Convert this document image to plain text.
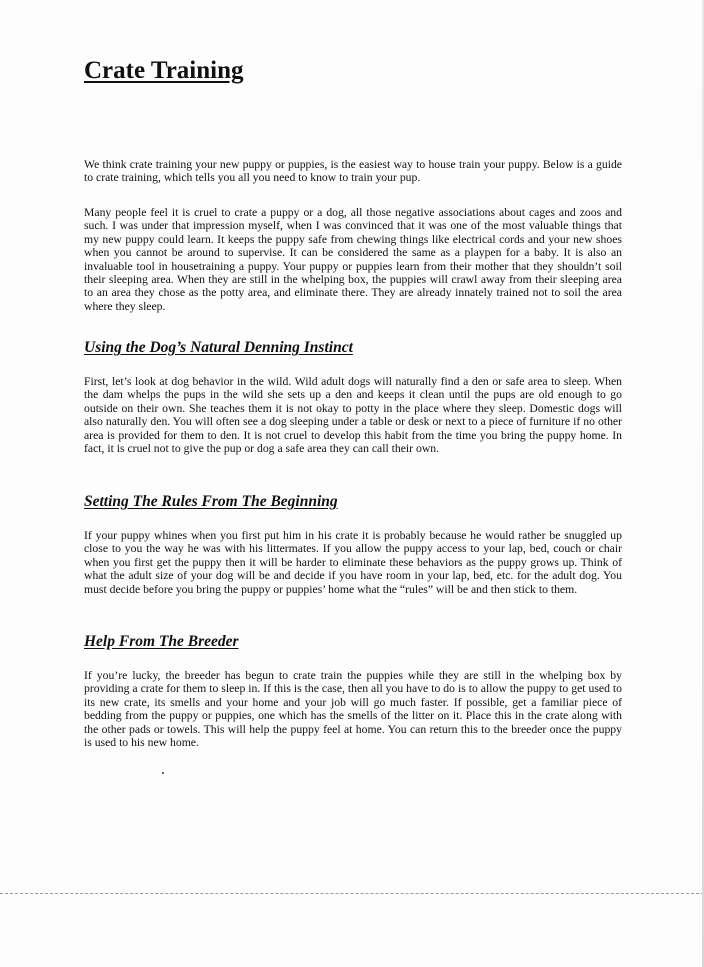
Crate Training

We think crate training your new puppy or puppies, is the easiest way to house train your puppy. Below is a guide to crate training, which tells you all you need to know to train your pup.

Many people feel it is cruel to crate a puppy or a dog, all those negative associations about cages and zoos and such. I was under that impression myself, when I was convinced that it was one of the most valuable things that my new puppy could learn. It keeps the puppy safe from chewing things like electrical cords and your new shoes when you cannot be around to supervise. It can be considered the same as a playpen for a baby. It is also an invaluable tool in housetraining a puppy. Your puppy or puppies learn from their mother that they shouldn’t soil their sleeping area. When they are still in the whelping box, the puppies will crawl away from their sleeping area to an area they chose as the potty area, and eliminate there. They are already innately trained not to soil the area where they sleep.

Using the Dog’s Natural Denning Instinct

First, let’s look at dog behavior in the wild. Wild adult dogs will naturally find a den or safe area to sleep. When the dam whelps the pups in the wild she sets up a den and keeps it clean until the pups are old enough to go outside on their own. She teaches them it is not okay to potty in the place where they sleep. Domestic dogs will also naturally den. You will often see a dog sleeping under a table or desk or next to a piece of furniture if no other area is provided for them to den. It is not cruel to develop this habit from the time you bring the puppy home. In fact, it is cruel not to give the pup or dog a safe area they can call their own.

Setting The Rules From The Beginning

If your puppy whines when you first put him in his crate it is probably because he would rather be snuggled up close to you the way he was with his littermates. If you allow the puppy access to your lap, bed, couch or chair when you first get the puppy then it will be harder to eliminate these behaviors as the puppy grows up. Think of what the adult size of your dog will be and decide if you have room in your lap, bed, etc. for the adult dog. You must decide before you bring the puppy or puppies’ home what the “rules” will be and then stick to them.

Help From The Breeder

If you’re lucky, the breeder has begun to crate train the puppies while they are still in the whelping box by providing a crate for them to sleep in. If this is the case, then all you have to do is to allow the puppy to get used to its new crate, its smells and your home and your job will go much faster. If possible, get a familiar piece of bedding from the puppy or puppies, one which has the smells of the litter on it. Place this in the crate along with the other pads or towels. This will help the puppy feel at home. You can return this to the breeder once the puppy is used to his new home.
